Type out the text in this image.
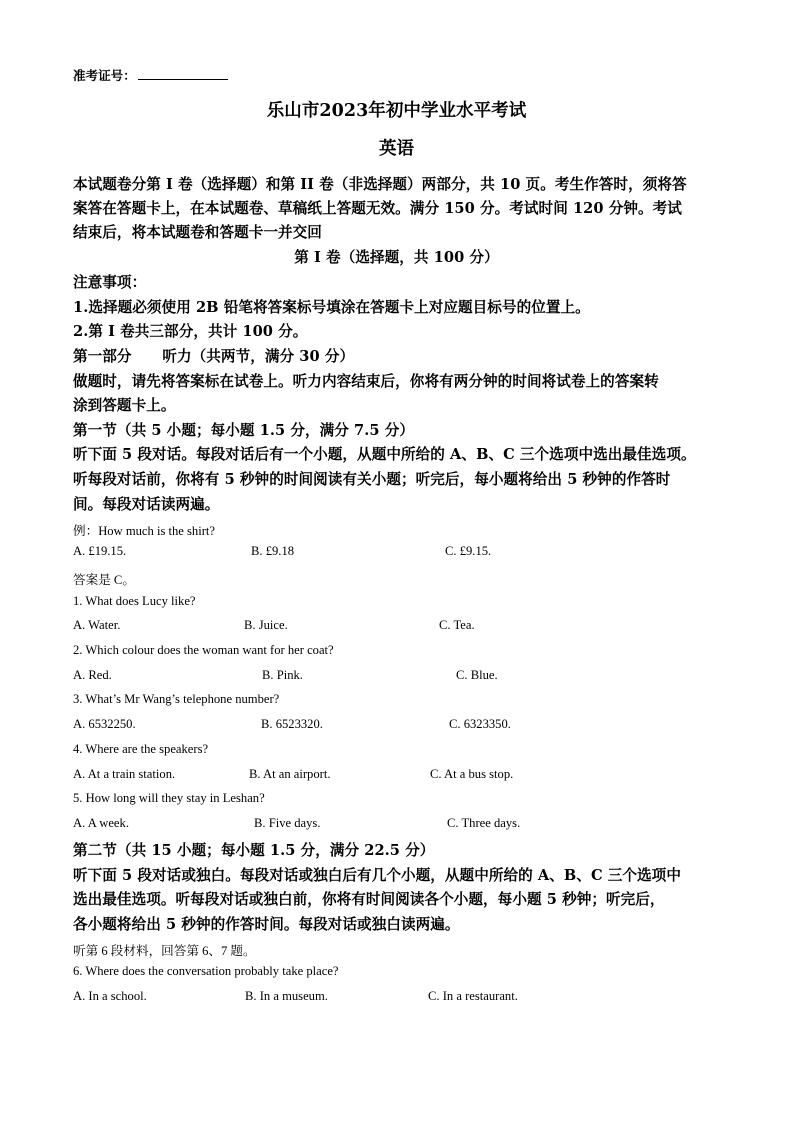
准考证号：
乐山市2023年初中学业水平考试
英语
本试题卷分第 I 卷（选择题）和第 II 卷（非选择题）两部分，共 10 页。考生作答时，须将答
案答在答题卡上，在本试题卷、草稿纸上答题无效。满分 150 分。考试时间 120 分钟。考试
结束后，将本试题卷和答题卡一并交回
第 I 卷（选择题，共 100 分）
注意事项：
1.选择题必须使用 2B 铅笔将答案标号填涂在答题卡上对应题目标号的位置上。
2.第 I 卷共三部分，共计 100 分。
第一部分      听力（共两节，满分 30 分）
做题时，请先将答案标在试卷上。听力内容结束后，你将有两分钟的时间将试卷上的答案转
涂到答题卡上。
第一节（共 5 小题；每小题 1.5 分，满分 7.5 分）
听下面 5 段对话。每段对话后有一个小题，从题中所给的 A、B、C 三个选项中选出最佳选项。
听每段对话前，你将有 5 秒钟的时间阅读有关小题；听完后，每小题将给出 5 秒钟的作答时
间。每段对话读两遍。
例：How much is the shirt?
A. £19.15.	B. £9.18	C. £9.15.
答案是 C。
1. What does Lucy like?
A. Water.	B. Juice.	C. Tea.
2. Which colour does the woman want for her coat?
A. Red.	B. Pink.	C. Blue.
3. What’s Mr Wang’s telephone number?
A. 6532250.	B. 6523320.	C. 6323350.
4. Where are the speakers?
A. At a train station.	B. At an airport.	C. At a bus stop.
5. How long will they stay in Leshan?
A. A week.	B. Five days.	C. Three days.
第二节（共 15 小题；每小题 1.5 分，满分 22.5 分）
听下面 5 段对话或独白。每段对话或独白后有几个小题，从题中所给的 A、B、C 三个选项中
选出最佳选项。听每段对话或独白前，你将有时间阅读各个小题，每小题 5 秒钟；听完后，
各小题将给出 5 秒钟的作答时间。每段对话或独白读两遍。
听第 6 段材料，回答第 6、7 题。
6. Where does the conversation probably take place?
A. In a school.	B. In a museum.	C. In a restaurant.
